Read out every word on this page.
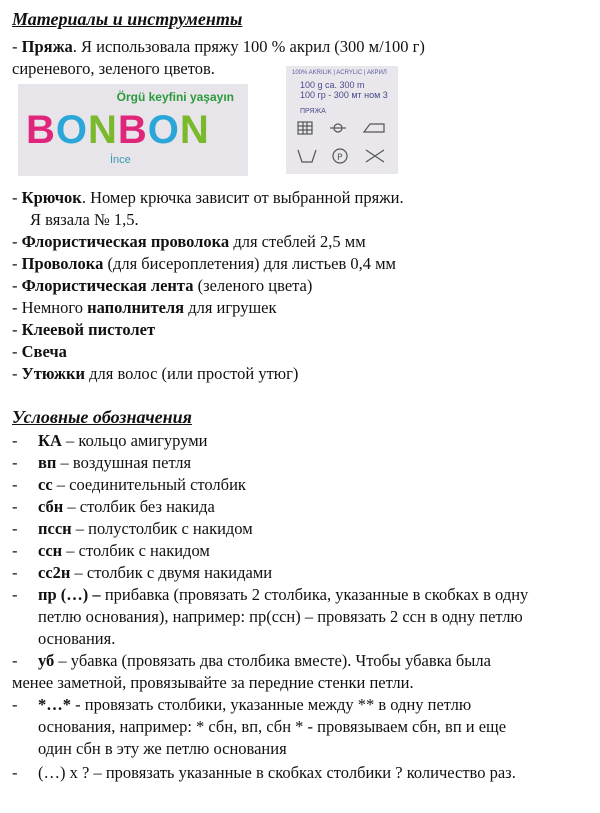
Материалы и инструменты
- Пряжа. Я использовала пряжу 100 % акрил (300 м/100 г)
сиреневого, зеленого цветов.
Örgü keyfini yaşayın
BONBON
İnce
100% AKRILIK | ACRYLIC | АКРИЛ
100 g ca. 300 m
100 гр - 300 мт ном 3
ПРЯЖА
P
- Крючок. Номер крючка зависит от выбранной пряжи.
Я вязала № 1,5.
- Флористическая проволока для стеблей 2,5 мм
- Проволока (для бисероплетения) для листьев 0,4 мм
- Флористическая лента (зеленого цвета)
- Немного наполнителя для игрушек
- Клеевой пистолет
- Свеча
- Утюжки для волос (или простой утюг)
Условные обозначения
- КА – кольцо амигуруми
- вп – воздушная петля
- сс – соединительный столбик
- сбн – столбик без накида
- пссн – полустолбик с накидом
- ссн – столбик с накидом
- сс2н – столбик с двумя накидами
- пр (…) – прибавка (провязать 2 столбика, указанные в скобках в одну
петлю основания), например: пр(ссн) – провязать 2 ссн в одну петлю
основания.
- уб – убавка (провязать два столбика вместе). Чтобы убавка была
менее заметной, провязывайте за передние стенки петли.
- *…* - провязать столбики, указанные между ** в одну петлю
основания, например: * сбн, вп, сбн * - провязываем сбн, вп и еще
один сбн в эту же петлю основания
- (…) х ? – провязать указанные в скобках столбики ? количество раз.
